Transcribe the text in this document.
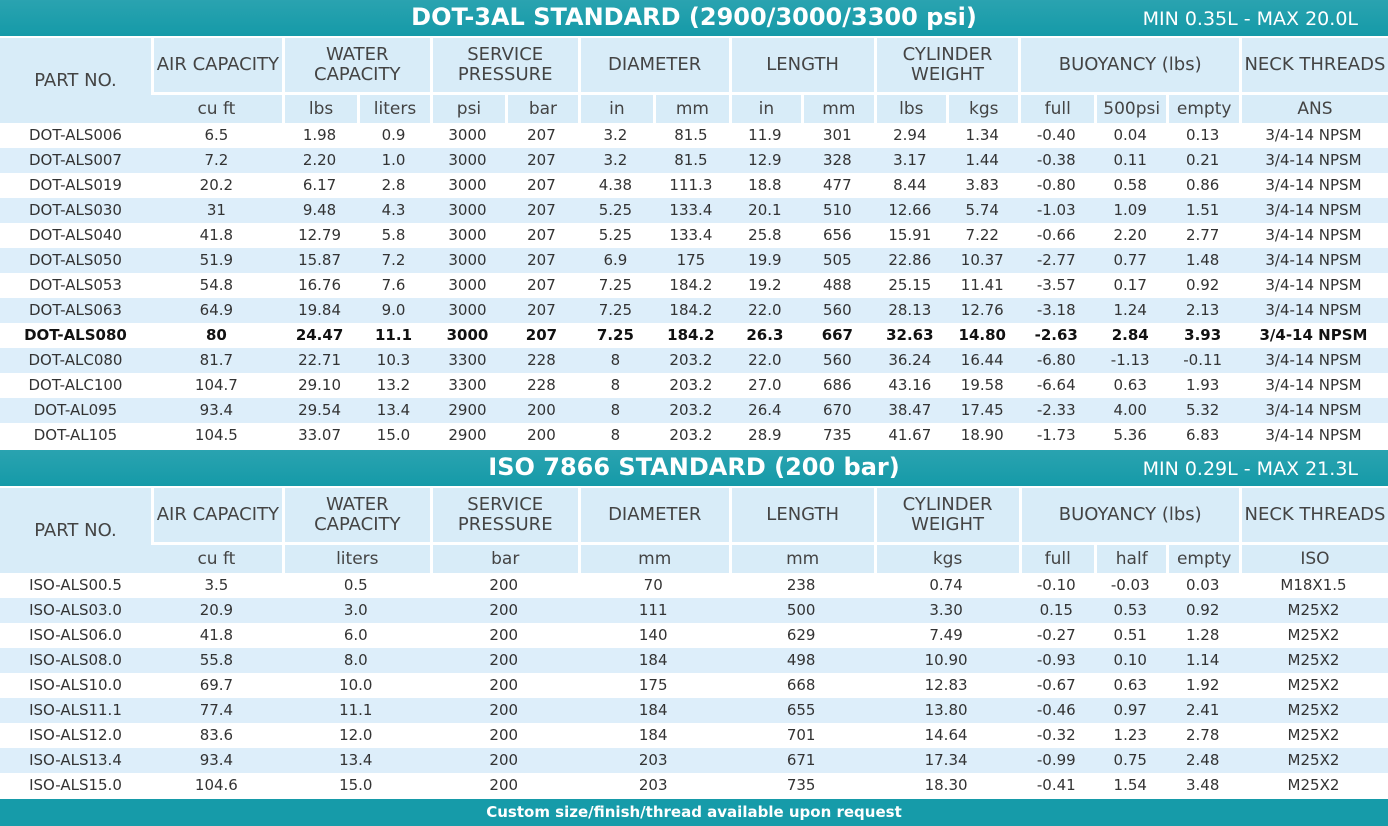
DOT-3AL STANDARD (2900/3000/3300 psi)	MIN 0.35L - MAX 20.0L
PART NO.	AIR CAPACITY	WATER CAPACITY		SERVICE PRESSURE		DIAMETER		LENGTH		CYLINDER WEIGHT		BUOYANCY (lbs)			NECK THREADS
	cu ft	lbs	liters	psi	bar	in	mm	in	mm	lbs	kgs	full	500psi	empty	ANS
DOT-ALS006	6.5	1.98	0.9	3000	207	3.2	81.5	11.9	301	2.94	1.34	-0.40	0.04	0.13	3/4-14 NPSM
DOT-ALS007	7.2	2.20	1.0	3000	207	3.2	81.5	12.9	328	3.17	1.44	-0.38	0.11	0.21	3/4-14 NPSM
DOT-ALS019	20.2	6.17	2.8	3000	207	4.38	111.3	18.8	477	8.44	3.83	-0.80	0.58	0.86	3/4-14 NPSM
DOT-ALS030	31	9.48	4.3	3000	207	5.25	133.4	20.1	510	12.66	5.74	-1.03	1.09	1.51	3/4-14 NPSM
DOT-ALS040	41.8	12.79	5.8	3000	207	5.25	133.4	25.8	656	15.91	7.22	-0.66	2.20	2.77	3/4-14 NPSM
DOT-ALS050	51.9	15.87	7.2	3000	207	6.9	175	19.9	505	22.86	10.37	-2.77	0.77	1.48	3/4-14 NPSM
DOT-ALS053	54.8	16.76	7.6	3000	207	7.25	184.2	19.2	488	25.15	11.41	-3.57	0.17	0.92	3/4-14 NPSM
DOT-ALS063	64.9	19.84	9.0	3000	207	7.25	184.2	22.0	560	28.13	12.76	-3.18	1.24	2.13	3/4-14 NPSM
DOT-ALS080	80	24.47	11.1	3000	207	7.25	184.2	26.3	667	32.63	14.80	-2.63	2.84	3.93	3/4-14 NPSM
DOT-ALC080	81.7	22.71	10.3	3300	228	8	203.2	22.0	560	36.24	16.44	-6.80	-1.13	-0.11	3/4-14 NPSM
DOT-ALC100	104.7	29.10	13.2	3300	228	8	203.2	27.0	686	43.16	19.58	-6.64	0.63	1.93	3/4-14 NPSM
DOT-AL095	93.4	29.54	13.4	2900	200	8	203.2	26.4	670	38.47	17.45	-2.33	4.00	5.32	3/4-14 NPSM
DOT-AL105	104.5	33.07	15.0	2900	200	8	203.2	28.9	735	41.67	18.90	-1.73	5.36	6.83	3/4-14 NPSM
ISO 7866 STANDARD (200 bar)	MIN 0.29L - MAX 21.3L
PART NO.	AIR CAPACITY	WATER CAPACITY	SERVICE PRESSURE	DIAMETER	LENGTH	CYLINDER WEIGHT	BUOYANCY (lbs)			NECK THREADS
	cu ft	liters	bar	mm	mm	kgs	full	half	empty	ISO
ISO-ALS00.5	3.5	0.5	200	70	238	0.74	-0.10	-0.03	0.03	M18X1.5
ISO-ALS03.0	20.9	3.0	200	111	500	3.30	0.15	0.53	0.92	M25X2
ISO-ALS06.0	41.8	6.0	200	140	629	7.49	-0.27	0.51	1.28	M25X2
ISO-ALS08.0	55.8	8.0	200	184	498	10.90	-0.93	0.10	1.14	M25X2
ISO-ALS10.0	69.7	10.0	200	175	668	12.83	-0.67	0.63	1.92	M25X2
ISO-ALS11.1	77.4	11.1	200	184	655	13.80	-0.46	0.97	2.41	M25X2
ISO-ALS12.0	83.6	12.0	200	184	701	14.64	-0.32	1.23	2.78	M25X2
ISO-ALS13.4	93.4	13.4	200	203	671	17.34	-0.99	0.75	2.48	M25X2
ISO-ALS15.0	104.6	15.0	200	203	735	18.30	-0.41	1.54	3.48	M25X2
Custom size/finish/thread available upon request
